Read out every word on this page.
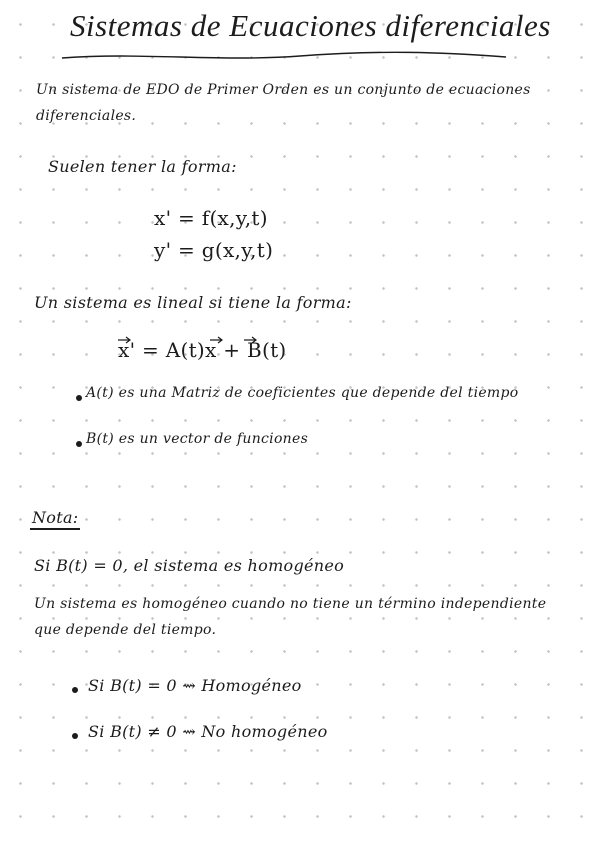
Sistemas de Ecuaciones diferenciales
Un sistema de EDO de Primer Orden es un conjunto de ecuaciones
diferenciales.
Suelen tener la forma:
x' = f(x,y,t)
y' = g(x,y,t)
Un sistema es lineal si tiene la forma:
x' = A(t)x + B(t)
A(t) es una Matriz de coeficientes que depende del tiempo
B(t) es un vector de funciones
Nota:
Si B(t) = 0, el sistema es homogéneo
Un sistema es homogéneo cuando no tiene un término independiente
que depende del tiempo.
Si B(t) = 0 ⇝ Homogéneo
Si B(t) ≠ 0 ⇝ No homogéneo
